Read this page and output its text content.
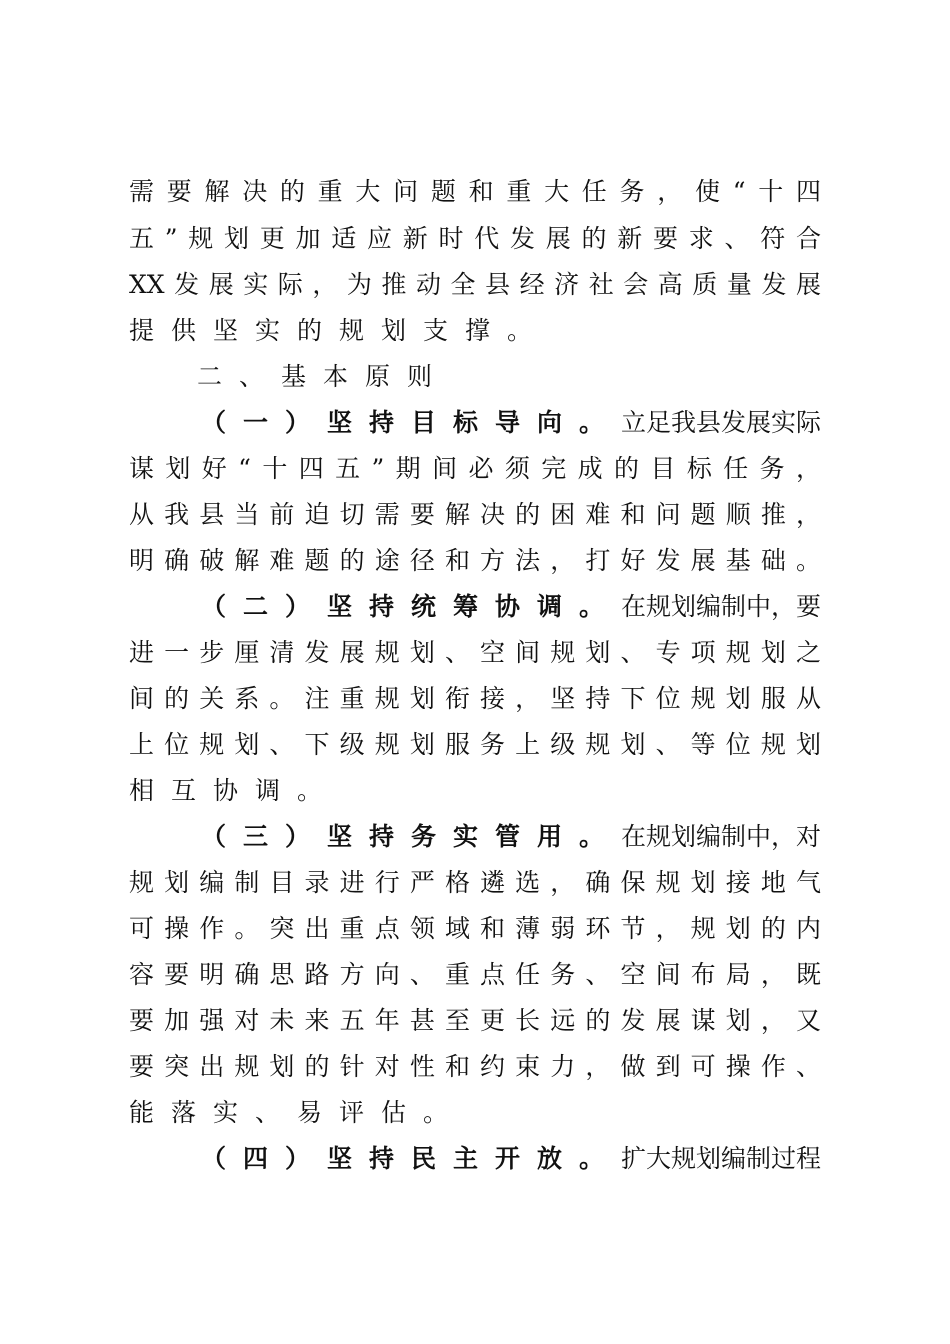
需要解决的重大问题和重大任务，使“十四
五”规划更加适应新时代发展的新要求、符合
XX发展实际，为推动全县经济社会高质量发展
提供坚实的规划支撑。
二、基本原则
（一）坚持目标导向。立足我县发展实际
谋划好“十四五”期间必须完成的目标任务，
从我县当前迫切需要解决的困难和问题顺推，
明确破解难题的途径和方法，打好发展基础。
（二）坚持统筹协调。在规划编制中，要
进一步厘清发展规划、空间规划、专项规划之
间的关系。注重规划衔接，坚持下位规划服从
上位规划、下级规划服务上级规划、等位规划
相互协调。
（三）坚持务实管用。在规划编制中，对
规划编制目录进行严格遴选，确保规划接地气
可操作。突出重点领域和薄弱环节，规划的内
容要明确思路方向、重点任务、空间布局，既
要加强对未来五年甚至更长远的发展谋划，又
要突出规划的针对性和约束力，做到可操作、
能落实、易评估。
（四）坚持民主开放。扩大规划编制过程
